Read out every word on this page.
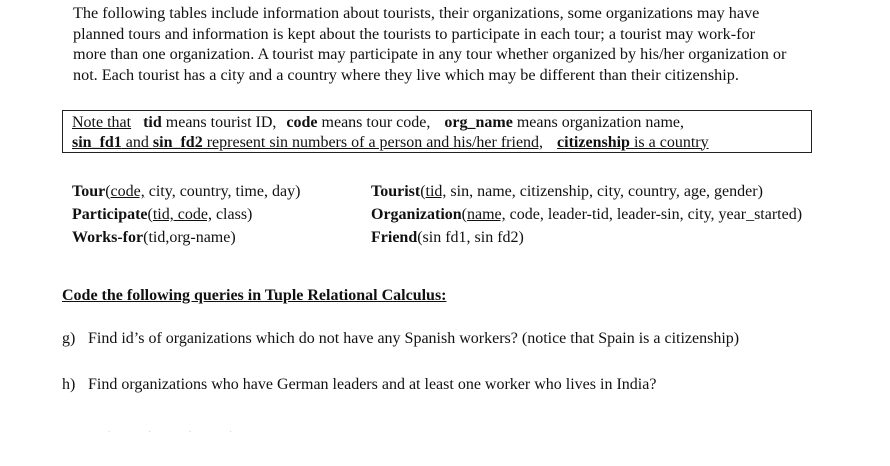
The following tables include information about tourists, their organizations, some organizations may have
planned tours and information is kept about the tourists to participate in each tour; a tourist may work-for
more than one organization. A tourist may participate in any tour whether organized by his/her organization or
not. Each tourist has a city and a country where they live which may be different than their citizenship.

Note that tid means tourist ID, code means tour code, org_name means organization name,
sin_fd1 and sin_fd2 represent sin numbers of a person and his/her friend, citizenship is a country
Tour(code, city, country, time, day)
Participate(tid, code, class)
Works-for(tid,org-name)
Tourist(tid, sin, name, citizenship, city, country, age, gender)
Organization(name, code, leader-tid, leader-sin, city, year_started)
Friend(sin fd1, sin fd2)
Code the following queries in Tuple Relational Calculus:
g) Find id’s of organizations which do not have any Spanish workers? (notice that Spain is a citizenship)
h) Find organizations who have German leaders and at least one worker who lives in India?
. . . .
